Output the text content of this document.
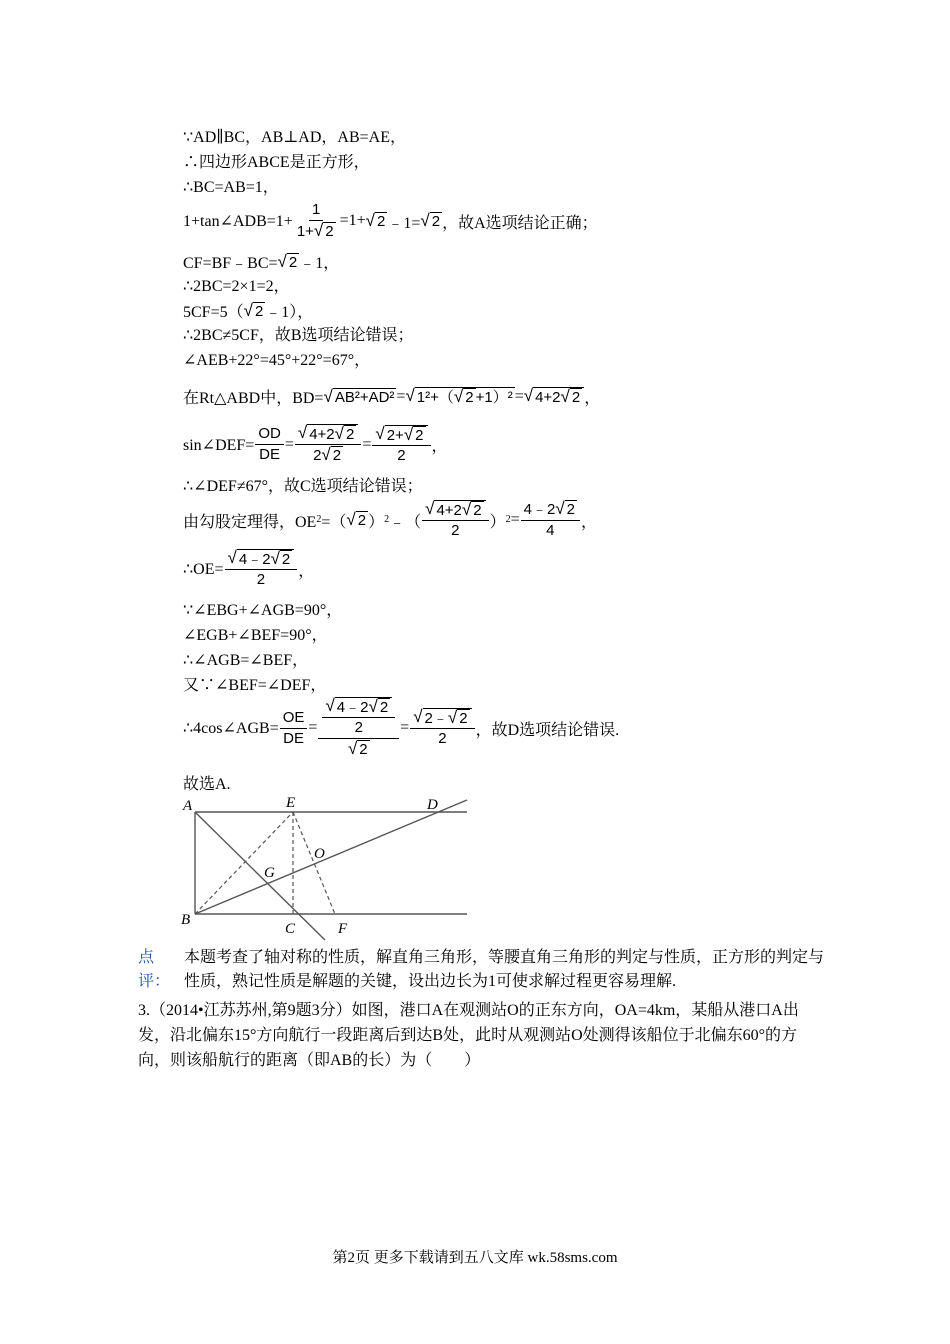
∵AD∥BC，AB⊥AD，AB=AE，
∴四边形ABCE是正方形，
∴BC=AB=1，
1+tan∠ADB=1+ $\frac{1}{1+ √ 2} =1+$ √ 2 ﹣1= √ 2 ，故A选项结论正确；
CF=BF﹣BC= √ 2 ﹣1，
∴2BC=2×1=2，
5CF=5（ √ 2 ﹣1），
∴2BC≠5CF，故B选项结论错误；
∠AEB+22°=45°+22°=67°，
在Rt△ABD中，BD= √ AB²+AD² = √ 1²+（ √ 2 +1）² = √ 4+2 √ 2 ，
sin∠DEF= $\frac{OD}{DE} = \frac{√ 4+2 √ 2}{2 √ 2} = \frac{√ 2+ √ 2}{2}$ ，
∴∠DEF≠67°，故C选项结论错误；
由勾股定理得，OE 2 =（ √ 2 ） 2 ﹣（ $\frac{√ 4+2 √ 2}{2}$ ） $2 = \frac{4﹣2 √ 2}{4}$ ，
∴OE= $\frac{√ 4﹣2 √ 2}{2}$ ，
∵∠EBG+∠AGB=90°，
∠EGB+∠BEF=90°，
∴∠AGB=∠BEF，
又∵∠BEF=∠DEF，
∴4cos∠AGB= $\frac{OE}{DE} = \frac{\frac{√ 4﹣2 √ 2}{2}}{√ 2} = \frac{√ 2﹣ √ 2}{2}$ ，故D选项结论错误.
故选A.
A	E	D
O
G
B
C	F
点
评：
本题考查了轴对称的性质，解直角三角形，等腰直角三角形的判定与性质，正方形的判定与性质，熟记性质是解题的关键，设出边长为1可使求解过程更容易理解.
3.（2014•江苏苏州,第9题3分）如图，港口A在观测站O的正东方向，OA=4km，某船从港口A出发，沿北偏东15°方向航行一段距离后到达B处，此时从观测站O处测得该船位于北偏东60°的方向，则该船航行的距离（即AB的长）为（　　）
第2页 更多下载请到五八文库 wk.58sms.com
